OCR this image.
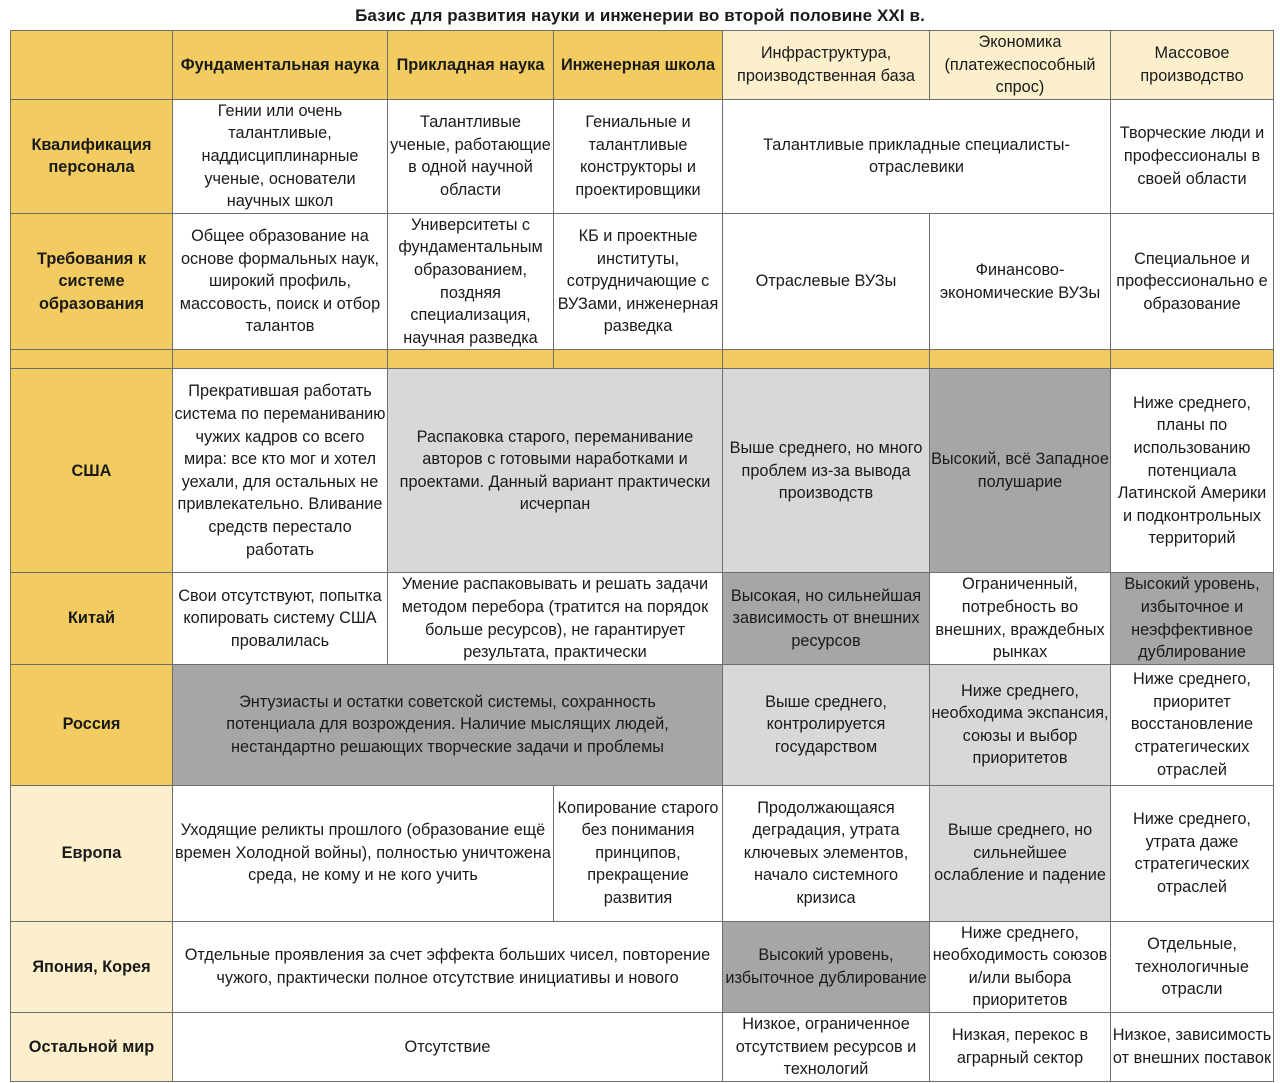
Базис для развития науки и инженерии во второй половине XXI в.
	Фундаментальная наука	Прикладная наука	Инженерная школа	Инфраструктура, производственная база	Экономика (платежеспособный спрос)	Массовое производство
Квалификация персонала	Гении или очень талантливые, наддисциплинарные ученые, основатели научных школ	Талантливые ученые, работающие в одной научной области	Гениальные и талантливые конструкторы и проектировщики	Талантливые прикладные специалисты-отраслевики		Творческие люди и профессионалы в своей области
Требования к системе образования	Общее образование на основе формальных наук, широкий профиль, массовость, поиск и отбор талантов	Университеты с фундаментальным образованием, поздняя специализация, научная разведка	КБ и проектные институты, сотрудничающие с ВУЗами, инженерная разведка	Отраслевые ВУЗы	Финансово-экономические ВУЗы	Специальное и профессионально е образование

США	Прекратившая работать система по переманиванию чужих кадров со всего мира: все кто мог и хотел уехали, для остальных не привлекательно. Вливание средств перестало работать	Распаковка старого, переманивание авторов с готовыми наработками и проектами. Данный вариант практически исчерпан		Выше среднего, но много проблем из-за вывода производств	Высокий, всё Западное полушарие	Ниже среднего, планы по использованию потенциала Латинской Америки и подконтрольных территорий
Китай	Свои отсутствуют, попытка копировать систему США провалилась	Умение распаковывать и решать задачи методом перебора (тратится на порядок больше ресурсов), не гарантирует результата, практически		Высокая, но сильнейшая зависимость от внешних ресурсов	Ограниченный, потребность во внешних, враждебных рынках	Высокий уровень, избыточное и неэффективное дублирование
Россия	Энтузиасты и остатки советской системы, сохранность потенциала для возрождения. Наличие мыслящих людей, нестандартно решающих творческие задачи и проблемы			Выше среднего, контролируется государством	Ниже среднего, необходима экспансия, союзы и выбор приоритетов	Ниже среднего, приоритет восстановление стратегических отраслей
Европа	Уходящие реликты прошлого (образование ещё времен Холодной войны), полностью уничтожена среда, не кому и не кого учить		Копирование старого без понимания принципов, прекращение развития	Продолжающаяся деградация, утрата ключевых элементов, начало системного кризиса	Выше среднего, но сильнейшее ослабление и падение	Ниже среднего, утрата даже стратегических отраслей
Япония, Корея	Отдельные проявления за счет эффекта больших чисел, повторение чужого, практически полное отсутствие инициативы и нового			Высокий уровень, избыточное дублирование	Ниже среднего, необходимость союзов и/или выбора приоритетов	Отдельные, технологичные отрасли
Остальной мир	Отсутствие			Низкое, ограниченное отсутствием ресурсов и технологий	Низкая, перекос в аграрный сектор	Низкое, зависимость от внешних поставок
